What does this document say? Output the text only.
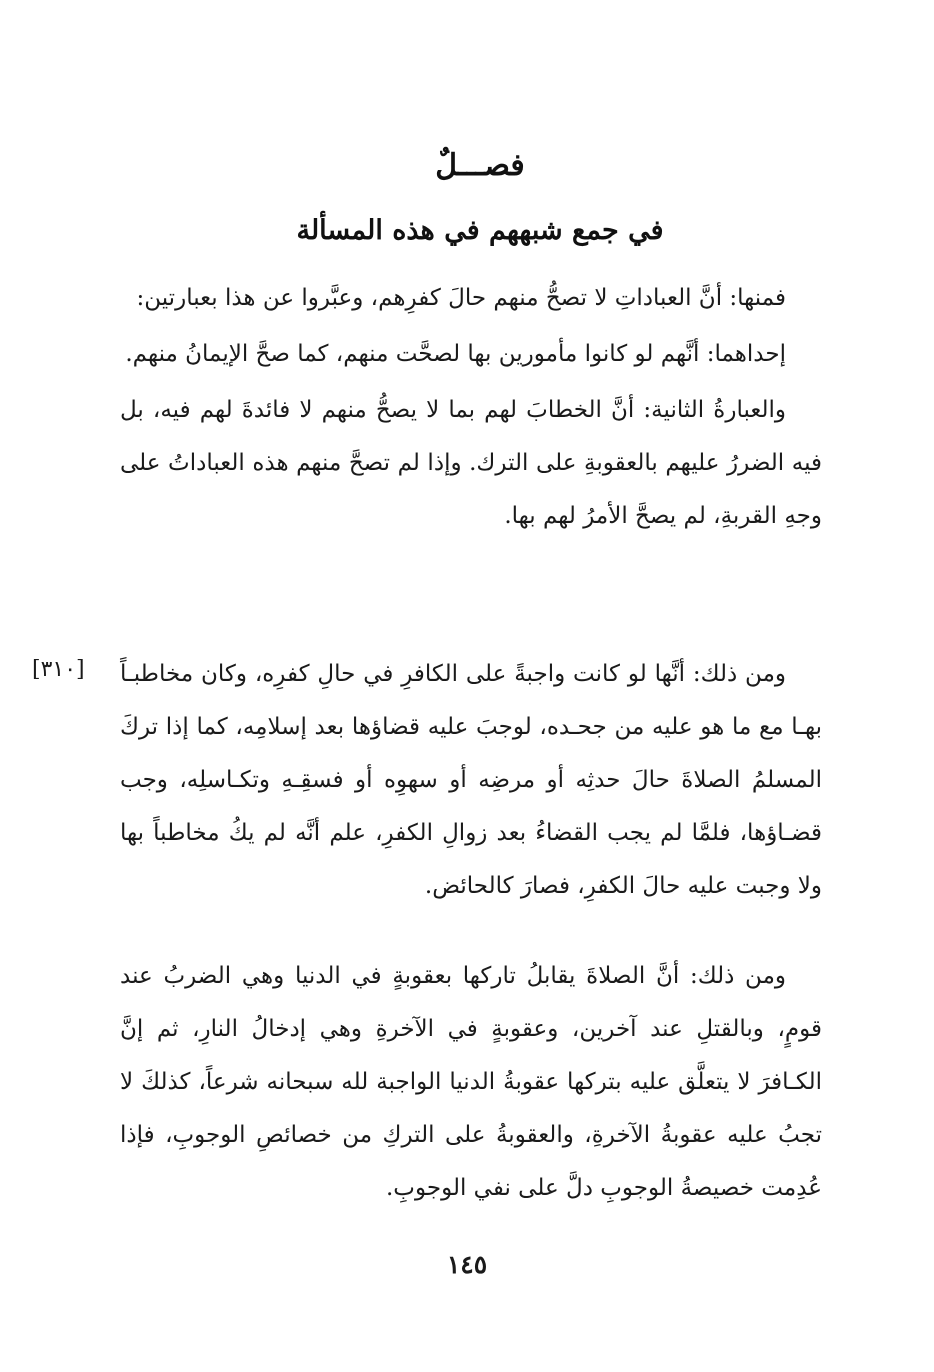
فصـــلٌ
في جمع شبههم في هذه المسألة

فمنها: أنَّ العباداتِ لا تصحُّ منهم حالَ كفرِهم، وعبَّروا عن هذا بعبارتين:

إحداهما: أنَّهم لو كانوا مأمورين بها لصحَّت منهم، كما صحَّ الإيمانُ منهم.

والعبارةُ الثانية: أنَّ الخطابَ لهم بما لا يصحُّ منهم لا فائدةَ لهم فيه، بل فيه الضررُ عليهم بالعقوبةِ على الترك. وإذا لم تصحَّ منهم هذه العباداتُ على وجهِ القربةِ، لم يصحَّ الأمرُ لهم بها.

ومن ذلك: أنَّها لو كانت واجبةً على الكافرِ في حالِ كفرِه، وكان مخاطبـاً بهـا مع ما هو عليه من جحـده، لوجبَ عليه قضاؤها بعد إسلامِه، كما إذا تركَ المسلمُ الصلاةَ حالَ حدثِه أو مرضِه أو سهوِه أو فسقِـهِ وتكـاسلِه، وجب قضـاؤها، فلمَّا لم يجب القضاءُ بعد زوالِ الكفرِ، علم أنَّه لم يكُ مخاطباً بها ولا وجبت عليه حالَ الكفرِ، فصارَ كالحائض.

ومن ذلك: أنَّ الصلاةَ يقابلُ تاركها بعقوبةٍ في الدنيا وهي الضربُ عند قومٍ، وبالقتلِ عند آخرين، وعقوبةٍ في الآخرةِ وهي إدخالُ النارِ، ثم إنَّ الكـافرَ لا يتعلَّق عليه بتركها عقوبةُ الدنيا الواجبة لله سبحانه شرعاً، كذلكَ لا تجبُ عليه عقوبةُ الآخرةِ، والعقوبةُ على التركِ من خصائصِ الوجوبِ، فإذا عُدِمت خصيصةُ الوجوبِ دلَّ على نفي الوجوبِ.

[٣١٠]
١٤٥
